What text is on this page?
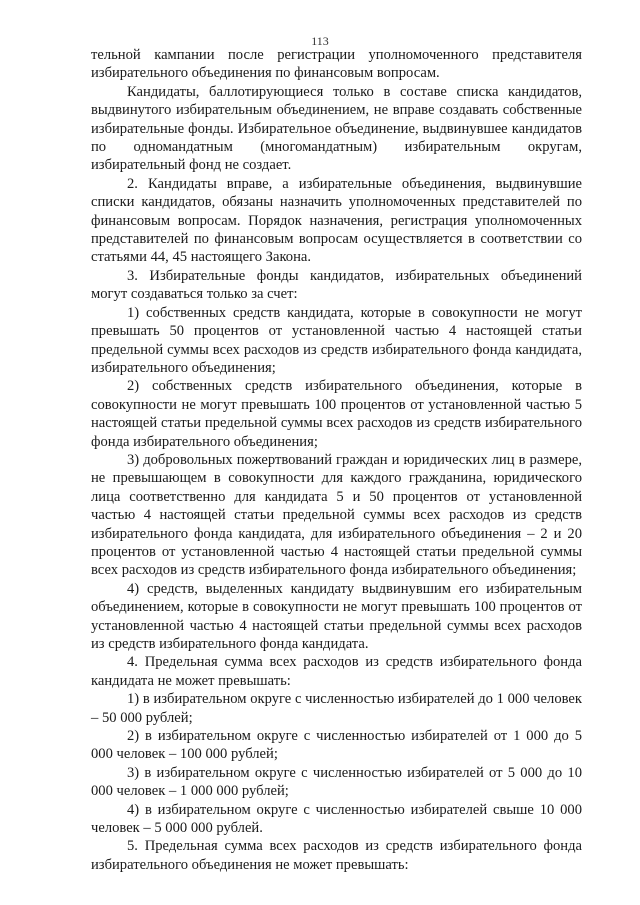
113

тельной кампании после регистрации уполномоченного представителя избирательного объединения по финансовым вопросам.

Кандидаты, баллотирующиеся только в составе списка кандидатов, выдвинутого избирательным объединением, не вправе создавать собственные избирательные фонды. Избирательное объединение, выдвинувшее кандидатов по одномандатным (многомандатным) избирательным округам, избирательный фонд не создает.

2. Кандидаты вправе, а избирательные объединения, выдвинувшие списки кандидатов, обязаны назначить уполномоченных представителей по финансовым вопросам. Порядок назначения, регистрация уполномоченных представителей по финансовым вопросам осуществляется в соответствии со статьями 44, 45 настоящего Закона.

3. Избирательные фонды кандидатов, избирательных объединений могут создаваться только за счет:

1) собственных средств кандидата, которые в совокупности не могут превышать 50 процентов от установленной частью 4 настоящей статьи предельной суммы всех расходов из средств избирательного фонда кандидата, избирательного объединения;

2) собственных средств избирательного объединения, которые в совокупности не могут превышать 100 процентов от установленной частью 5 настоящей статьи предельной суммы всех расходов из средств избирательного фонда избирательного объединения;

3) добровольных пожертвований граждан и юридических лиц в размере, не превышающем в совокупности для каждого гражданина, юридического лица соответственно для кандидата 5 и 50 процентов от установленной частью 4 настоящей статьи предельной суммы всех расходов из средств избирательного фонда кандидата, для избирательного объединения – 2 и 20 процентов от установленной частью 4 настоящей статьи предельной суммы всех расходов из средств избирательного фонда избирательного объединения;

4) средств, выделенных кандидату выдвинувшим его избирательным объединением, которые в совокупности не могут превышать 100 процентов от установленной частью 4 настоящей статьи предельной суммы всех расходов из средств избирательного фонда кандидата.

4. Предельная сумма всех расходов из средств избирательного фонда кандидата не может превышать:

1) в избирательном округе с численностью избирателей до 1 000 человек – 50 000 рублей;

2) в избирательном округе с численностью избирателей от 1 000 до 5 000 человек – 100 000 рублей;

3) в избирательном округе с численностью избирателей от 5 000 до 10 000 человек – 1 000 000 рублей;

4) в избирательном округе с численностью избирателей свыше 10 000 человек – 5 000 000 рублей.

5. Предельная сумма всех расходов из средств избирательного фонда избирательного объединения не может превышать:
